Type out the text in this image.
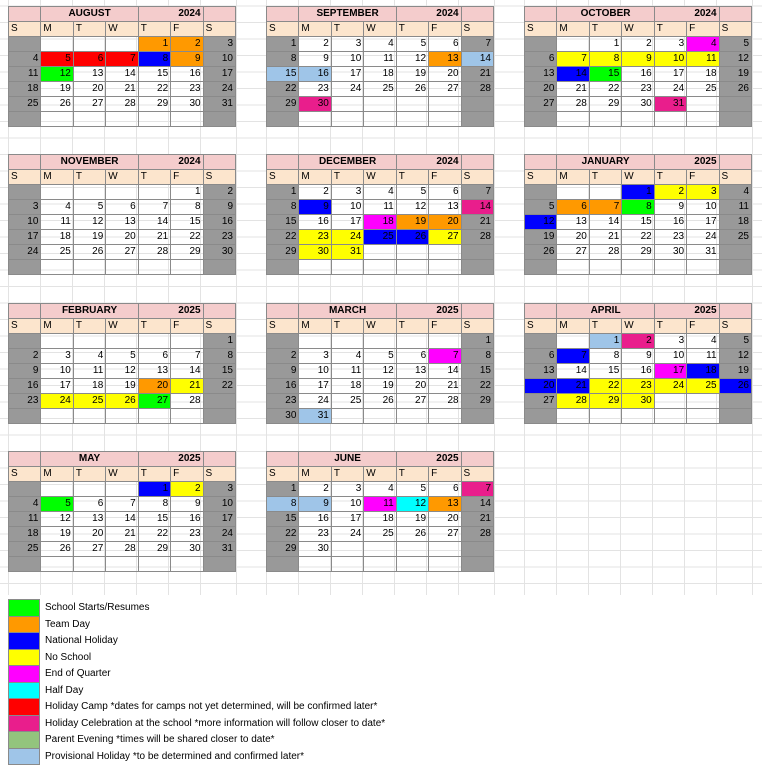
	AUGUST			2024		
S	M	T	W	T	F	S
				1	2	3
4	5	6	7	8	9	10
11	12	13	14	15	16	17
18	19	20	21	22	23	24
25	26	27	28	29	30	31

	SEPTEMBER			2024		
S	M	T	W	T	F	S
1	2	3	4	5	6	7
8	9	10	11	12	13	14
15	16	17	18	19	20	21
22	23	24	25	26	27	28
29	30					

	OCTOBER			2024		
S	M	T	W	T	F	S
		1	2	3	4	5
6	7	8	9	10	11	12
13	14	15	16	17	18	19
20	21	22	23	24	25	26
27	28	29	30	31		

	NOVEMBER			2024		
S	M	T	W	T	F	S
					1	2
3	4	5	6	7	8	9
10	11	12	13	14	15	16
17	18	19	20	21	22	23
24	25	26	27	28	29	30

	DECEMBER			2024		
S	M	T	W	T	F	S
1	2	3	4	5	6	7
8	9	10	11	12	13	14
15	16	17	18	19	20	21
22	23	24	25	26	27	28
29	30	31				

	JANUARY			2025		
S	M	T	W	T	F	S
			1	2	3	4
5	6	7	8	9	10	11
12	13	14	15	16	17	18
19	20	21	22	23	24	25
26	27	28	29	30	31	

	FEBRUARY			2025		
S	M	T	W	T	F	S
						1
2	3	4	5	6	7	8
9	10	11	12	13	14	15
16	17	18	19	20	21	22
23	24	25	26	27	28	

	MARCH			2025		
S	M	T	W	T	F	S
						1
2	3	4	5	6	7	8
9	10	11	12	13	14	15
16	17	18	19	20	21	22
23	24	25	26	27	28	29
30	31					
	APRIL			2025		
S	M	T	W	T	F	S
		1	2	3	4	5
6	7	8	9	10	11	12
13	14	15	16	17	18	19
20	21	22	23	24	25	26
27	28	29	30			

	MAY			2025		
S	M	T	W	T	F	S
				1	2	3
4	5	6	7	8	9	10
11	12	13	14	15	16	17
18	19	20	21	22	23	24
25	26	27	28	29	30	31

	JUNE			2025		
S	M	T	W	T	F	S
1	2	3	4	5	6	7
8	9	10	11	12	13	14
15	16	17	18	19	20	21
22	23	24	25	26	27	28
29	30					

	School Starts/Resumes
	Team Day
	National Holiday
	No School
	End of Quarter
	Half Day
	Holiday Camp *dates for camps not yet determined, will be confirmed later*
	Holiday Celebration at the school *more information will follow closer to date*
	Parent Evening *times will be shared closer to date*
	Provisional Holiday *to be determined and confirmed later*
